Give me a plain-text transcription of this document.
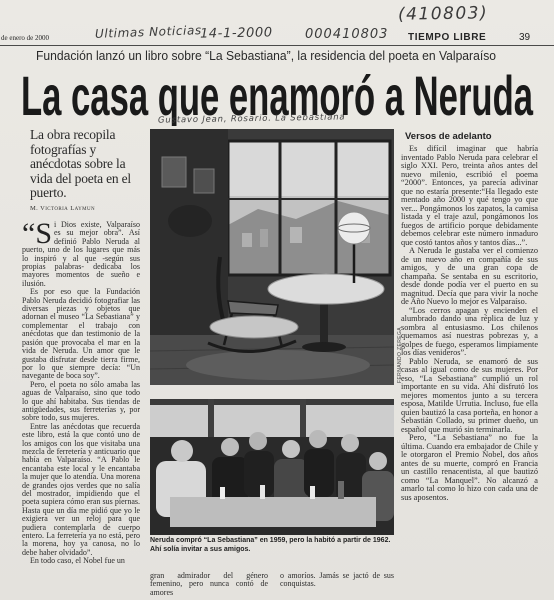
(410803)
Ultimas Noticias
14-1-2000 000410803
de enero de 2000	TIEMPO LIBRE	39
Fundación lanzó un libro sobre “La Sebastiana”, la residencia del poeta en Valparaíso
La casa que enamoró a Neruda
Gustavo Jean, Rosario. La Sebastiana

La obra recopila fotografías y anécdotas sobre la vida del poeta en el puerto.

M. Victoria Laymun

“Si Dios existe, Valparaíso es su mejor obra”. Así definió Pablo Neruda al puerto, uno de los lugares que más lo inspiró y al que -según sus propias palabras- dedicaba los mayores momentos de sueño e ilusión.

Es por eso que la Fundación Pablo Neruda decidió fotografiar las diversas piezas y objetos que adornan el museo “La Sebastiana” y complementar el trabajo con anécdotas que dan testimonio de la pasión que provocaba el mar en la vida de Neruda. Un amor que le gustaba disfrutar desde tierra firme, por lo que siempre decía: “Un navegante de boca soy”.

Pero, el poeta no sólo amaba las aguas de Valparaíso, sino que todo lo que ahí habitaba. Sus tiendas de antigüedades, sus ferreterías y, por sobre todo, sus mujeres.

Entre las anécdotas que recuerda este libro, está la que contó uno de los amigos con los que visitaba una mezcla de ferretería y anticuario que había en Valparaíso. “A Pablo le encantaba este local y le encantaba la mujer que lo atendía. Una morena de grandes ojos verdes que no salía del mostrador, impidiendo que el poeta supiera cómo eran sus piernas. Hasta que un día me pidió que yo le exigiera ver un reloj para que pudiera contemplarla de cuerpo entero. La ferretería ya no está, pero la morena, hoy ya canosa, no lo debe haber olvidado”.

En todo caso, el Nobel fue un

FERNANDO ZEREGA

Neruda compró “La Sebastiana” en 1959, pero la habitó a partir de 1962. Ahí solía invitar a sus amigos.

gran admirador del género femenino, pero nunca contó de amores

o amoríos. Jamás se jactó de sus conquistas.

Versos de adelanto

Es difícil imaginar que habría inventado Pablo Neruda para celebrar el siglo XXI. Pero, treinta años antes del nuevo milenio, escribió el poema “2000”. Entonces, ya parecía adivinar que no estaría presente:“Ha llegado este mentado año 2000 y qué tengo yo que ver... Pongámonos los zapatos, la camisa listada y el traje azul, pongámonos los fuegos de artificio porque debidamente debemos celebrar este número inmaduro que costó tantos años y tantos días...”.

A Neruda le gustaba ver el comienzo de un nuevo año en compañía de sus amigos, y de una gran copa de champaña. Se sentaba en su escritorio, desde donde podía ver el puerto en su magnitud. Decía que para vivir la noche de Año Nuevo lo mejor es Valparaíso.

“Los cerros apagan y encienden el alumbrado dando una réplica de luz y sombra al entusiasmo. Los chilenos quemamos así nuestras pobrezas y, a golpes de fuego, esperamos limpiamente los días venideros”.

Pablo Neruda, se enamoró de sus casas al igual como de sus mujeres. Por eso, “La Sebastiana” cumplió un rol importante en su vida. Ahí disfrutó los mejores momentos junto a su tercera esposa, Matilde Urrutia. Incluso, fue ella quien bautizó la casa porteña, en honor a Sebastián Collado, su primer dueño, un español que murió sin terminarla.

Pero, “La Sebastiana” no fue la última. Cuando era embajador de Chile y le otorgaron el Premio Nobel, dos años antes de su muerte, compró en Francia un castillo renacentista, al que bautizó como “La Manquel”. No alcanzó a amarlo tal como lo hizo con cada una de sus aposentos.
